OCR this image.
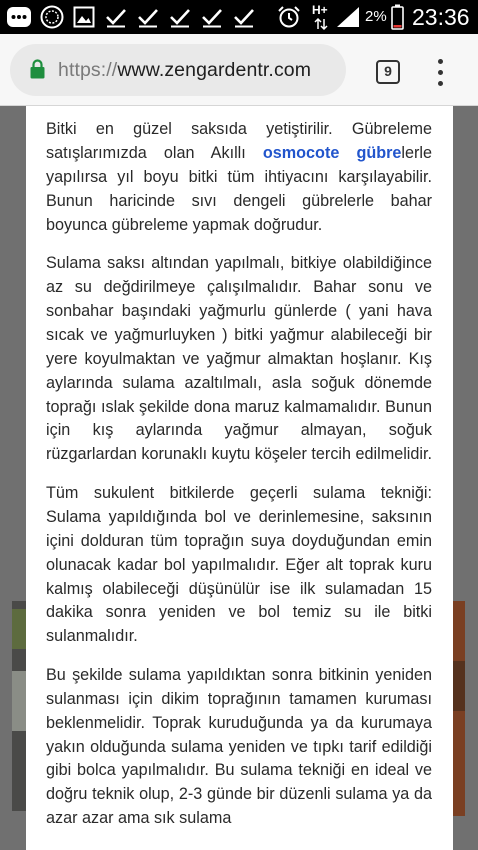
H+ 2% 23:36
https://www.zengardentr.com	9

Bitki en güzel saksıda yetiştirilir. Gübreleme satışlarımızda olan Akıllı osmocote gübrelerle yapılırsa yıl boyu bitki tüm ihtiyacını karşılayabilir. Bunun haricinde sıvı dengeli gübrelerle bahar boyunca gübreleme yapmak doğrudur.

Sulama saksı altından yapılmalı, bitkiye olabildiğince az su değdirilmeye çalışılmalıdır. Bahar sonu ve sonbahar başındaki yağmurlu günlerde ( yani hava sıcak ve yağmurluyken ) bitki yağmur alabileceği bir yere koyulmaktan ve yağmur almaktan hoşlanır. Kış aylarında sulama azaltılmalı, asla soğuk dönemde toprağı ıslak şekilde dona maruz kalmamalıdır. Bunun için kış aylarında yağmur almayan, soğuk rüzgarlardan korunaklı kuytu köşeler tercih edilmelidir.

Tüm sukulent bitkilerde geçerli sulama tekniği: Sulama yapıldığında bol ve derinlemesine, saksının içini dolduran tüm toprağın suya doyduğundan emin olunacak kadar bol yapılmalıdır. Eğer alt toprak kuru kalmış olabileceği düşünülür ise ilk sulamadan 15 dakika sonra yeniden ve bol temiz su ile bitki sulanmalıdır.

Bu şekilde sulama yapıldıktan sonra bitkinin yeniden sulanması için dikim toprağının tamamen kuruması beklenmelidir. Toprak kuruduğunda ya da kurumaya yakın olduğunda sulama yeniden ve tıpkı tarif edildiği gibi bolca yapılmalıdır. Bu sulama tekniği en ideal ve doğru teknik olup, 2-3 günde bir düzenli sulama ya da azar azar ama sık sulama
